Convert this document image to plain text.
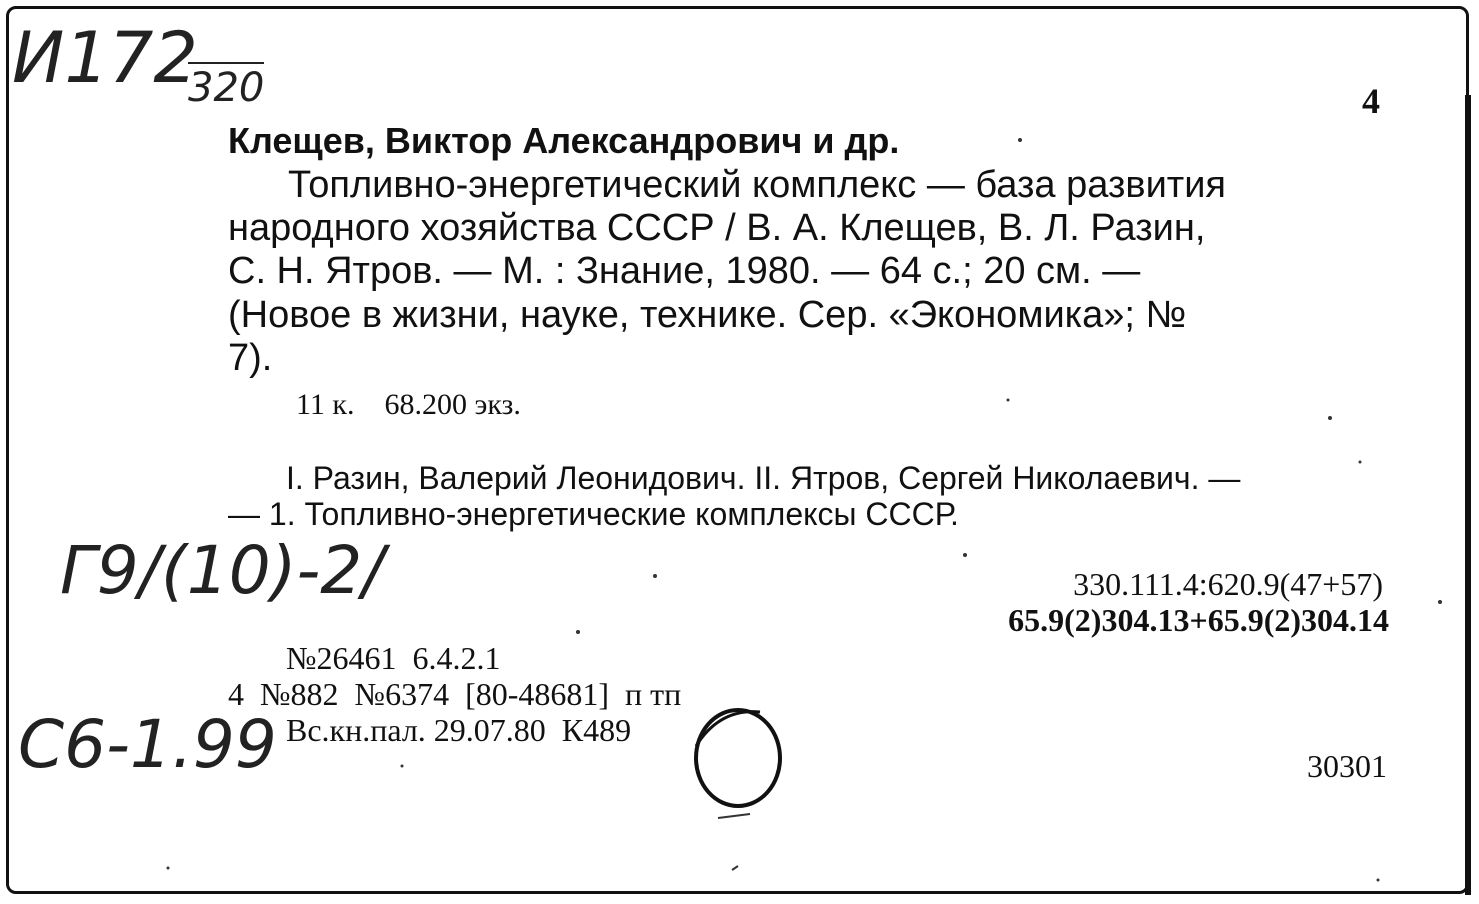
И172
320	4
Клещев, Виктор Александрович и др.
Топливно-энергетический комплекс — база развития
народного хозяйства СССР / В. А. Клещев, В. Л. Разин,
С. Н. Ятров. — М. : Знание, 1980. — 64 с.; 20 см. —
(Новое в жизни, науке, технике. Сер. «Экономика»; №
7).
11 к.    68.200 экз.
I. Разин, Валерий Леонидович. II. Ятров, Сергей Николаевич. —
— 1. Топливно-энергетические комплексы СССР.
Г9/(10)-2/	330.111.4:620.9(47+57)
65.9(2)304.13+65.9(2)304.14
№26461  6.4.2.1
4  №882  №6374  [80-48681]  п тп
Вс.кн.пал. 29.07.80  К489
С6-1.99	30301
